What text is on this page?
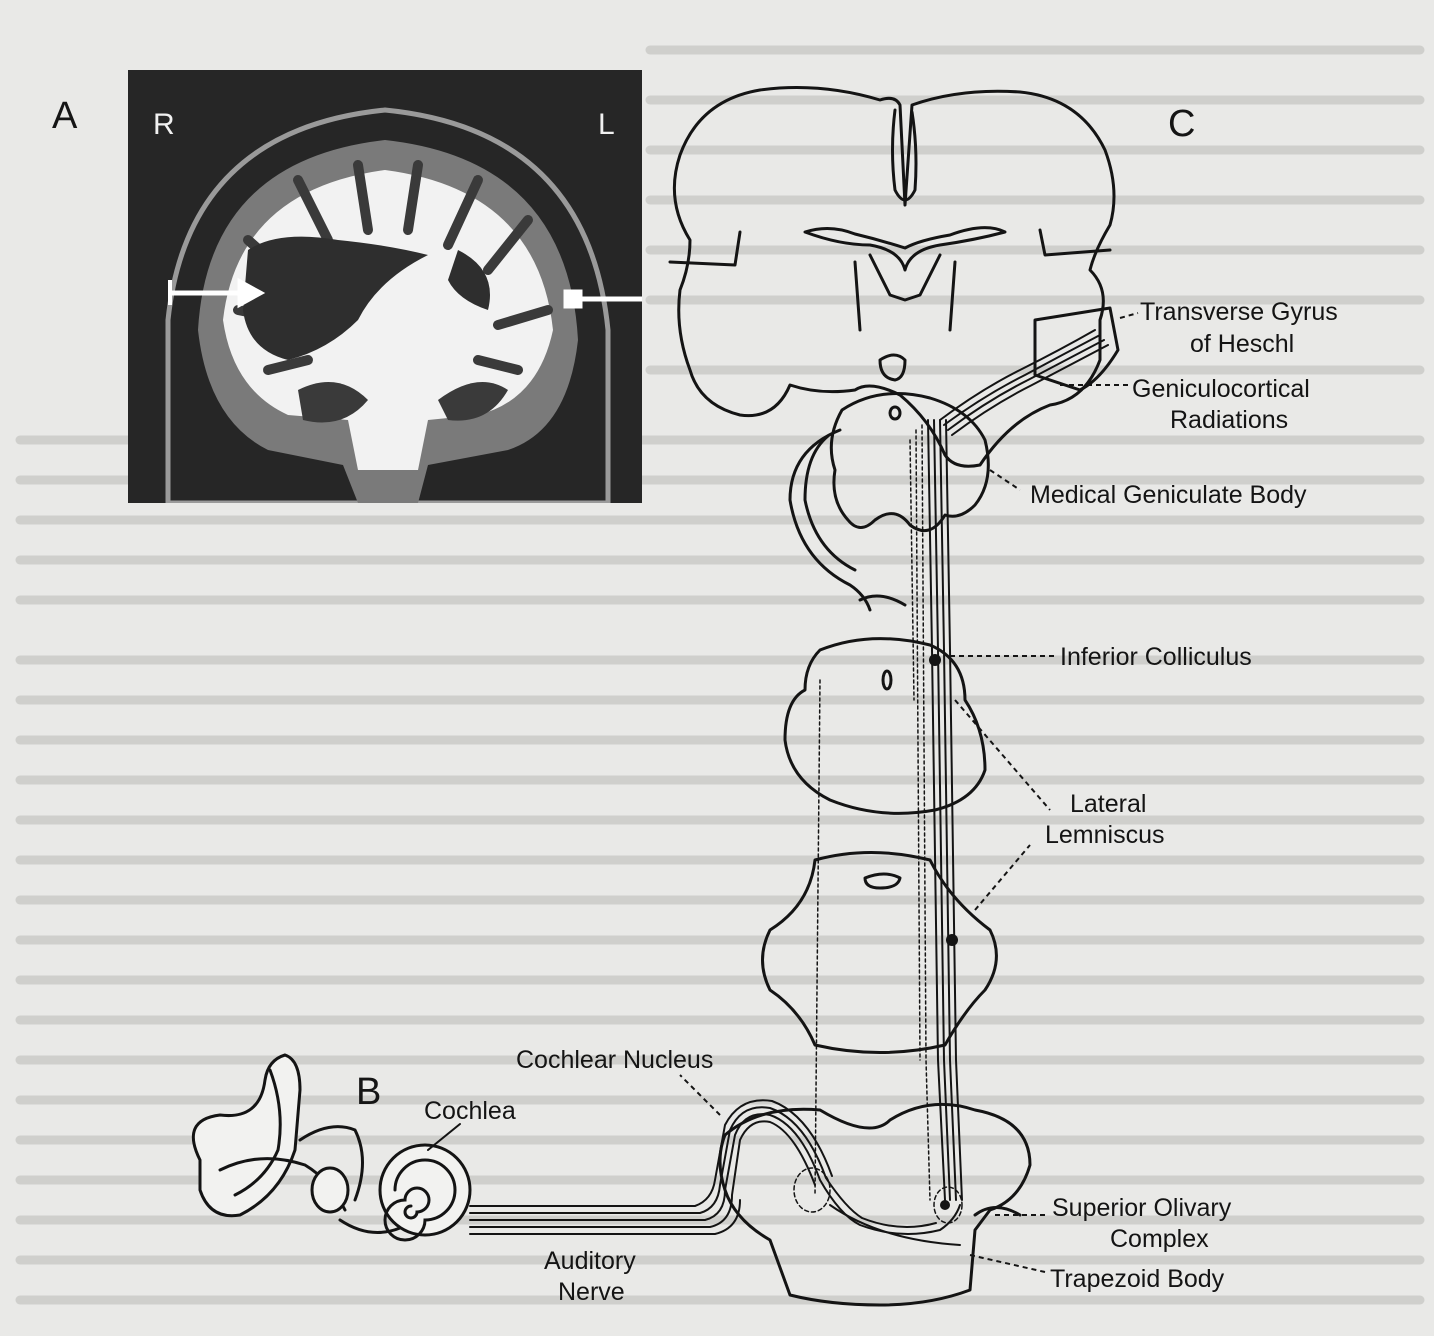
R	L
A
B
C
Transverse Gyrus
of Heschl
Geniculocortical
Radiations
Medical Geniculate Body
Inferior Colliculus
Lateral
Lemniscus
Cochlear Nucleus
Cochlea
Superior Olivary
Complex
Trapezoid Body
Auditory
Nerve
